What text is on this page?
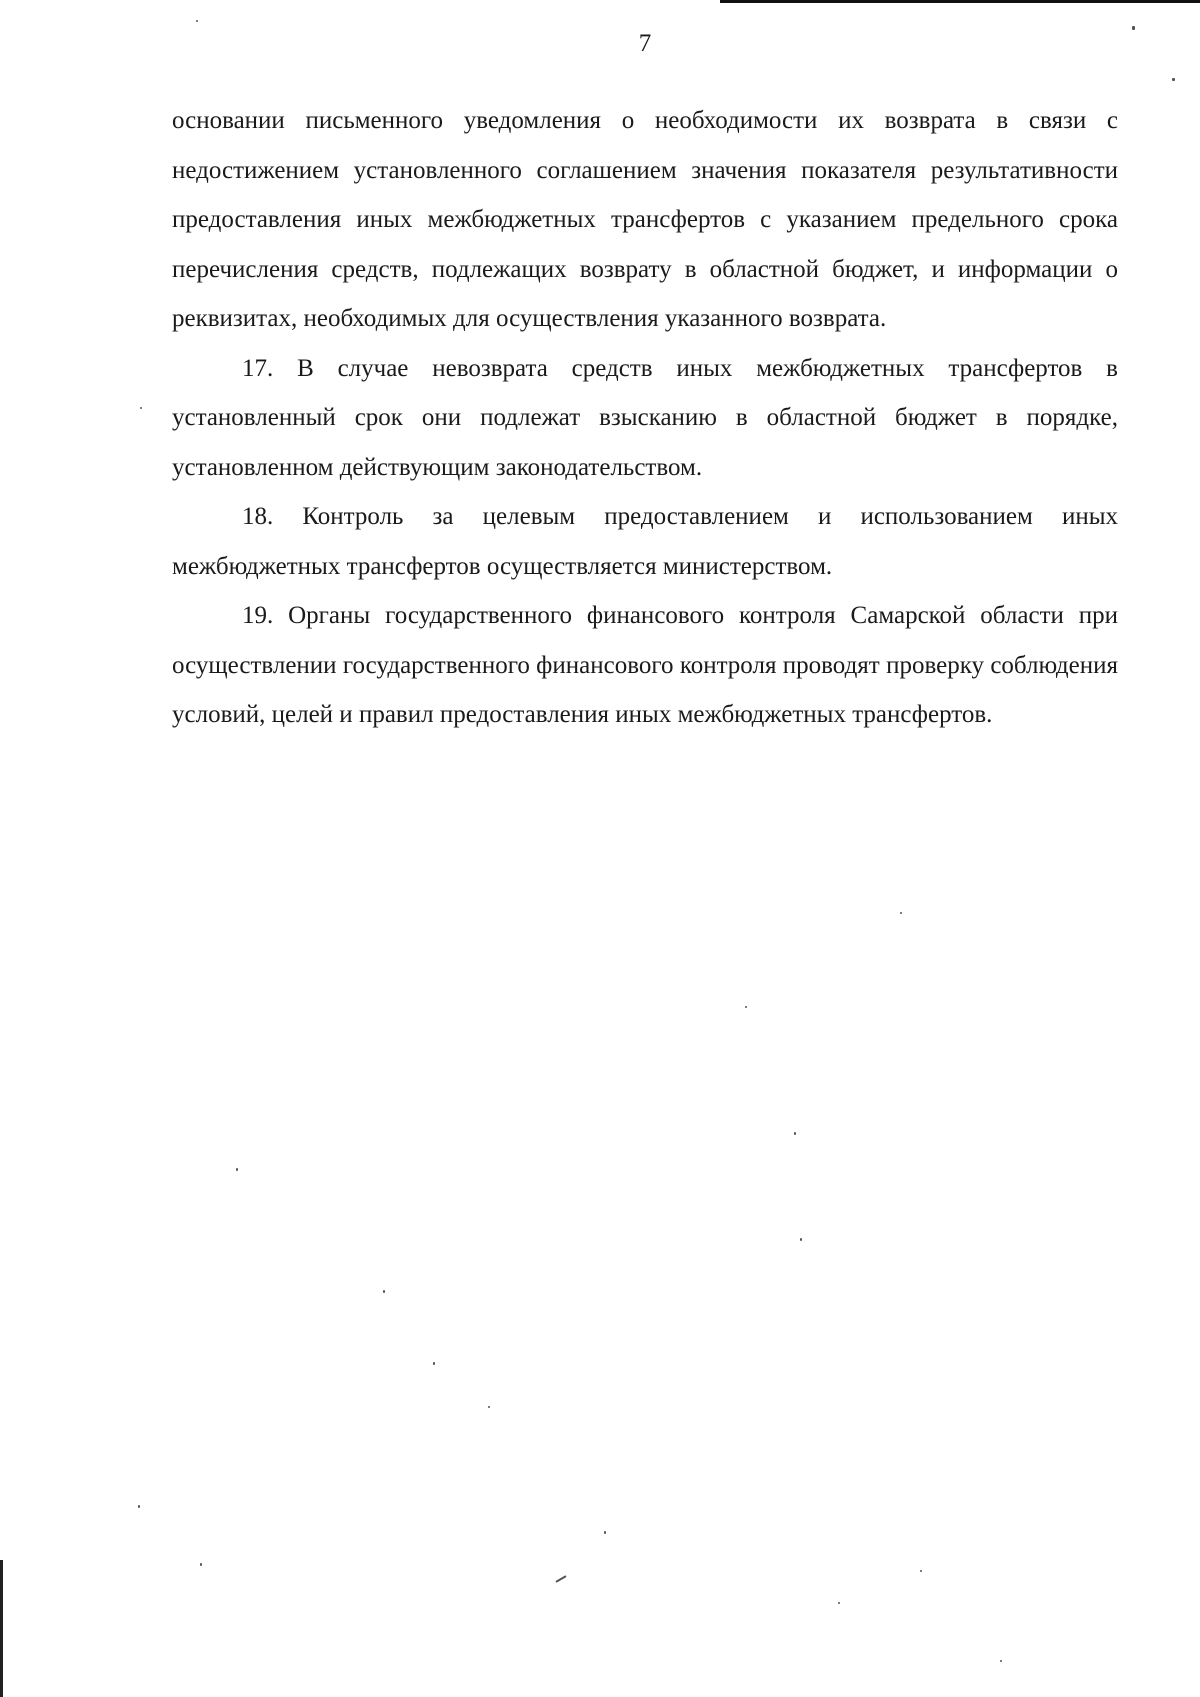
7

основании письменного уведомления о необходимости их возврата в связи с недостижением установленного соглашением значения показателя результативности предоставления иных межбюджетных трансфертов с указанием предельного срока перечисления средств, подлежащих возврату в областной бюджет, и информации о реквизитах, необходимых для осуществления указанного возврата.

17. В случае невозврата средств иных межбюджетных трансфертов в установленный срок они подлежат взысканию в областной бюджет в порядке, установленном действующим законодательством.

18. Контроль за целевым предоставлением и использованием иных межбюджетных трансфертов осуществляется министерством.

19. Органы государственного финансового контроля Самарской области при осуществлении государственного финансового контроля проводят проверку соблюдения условий, целей и правил предоставления иных межбюджетных трансфертов.
